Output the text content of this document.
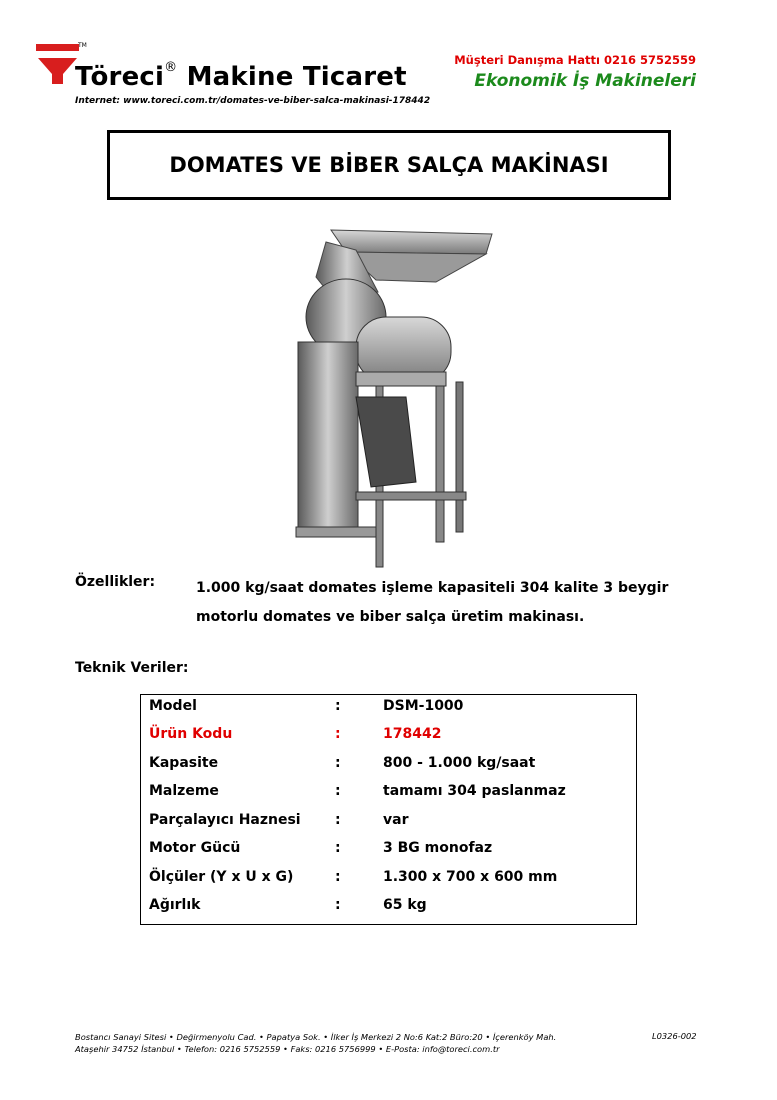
TM
Töreci® Makine Ticaret
Internet: www.toreci.com.tr/domates-ve-biber-salca-makinasi-178442
Müşteri Danışma Hattı 0216 5752559
Ekonomik İş Makineleri
DOMATES VE BİBER SALÇA MAKİNASI
Özellikler:	1.000 kg/saat domates işleme kapasiteli 304 kalite 3 beygir motorlu domates ve biber salça üretim makinası.
Teknik Veriler:
Model	:	DSM-1000
Ürün Kodu	:	178442
Kapasite	:	800 - 1.000 kg/saat
Malzeme	:	tamamı 304 paslanmaz
Parçalayıcı Haznesi :	var
Motor Gücü	:	3 BG monofaz
Ölçüler (Y x U x G)	:	1.300 x 700 x 600 mm
Ağırlık	:	65 kg
Bostancı Sanayi Sitesi • Değirmenyolu Cad. • Papatya Sok. • İlker İş Merkezi 2 No:6 Kat:2 Büro:20 • İçerenköy Mah.
Ataşehir 34752 İstanbul • Telefon: 0216 5752559 • Faks: 0216 5756999 • E-Posta: info@toreci.com.tr
L0326-002
